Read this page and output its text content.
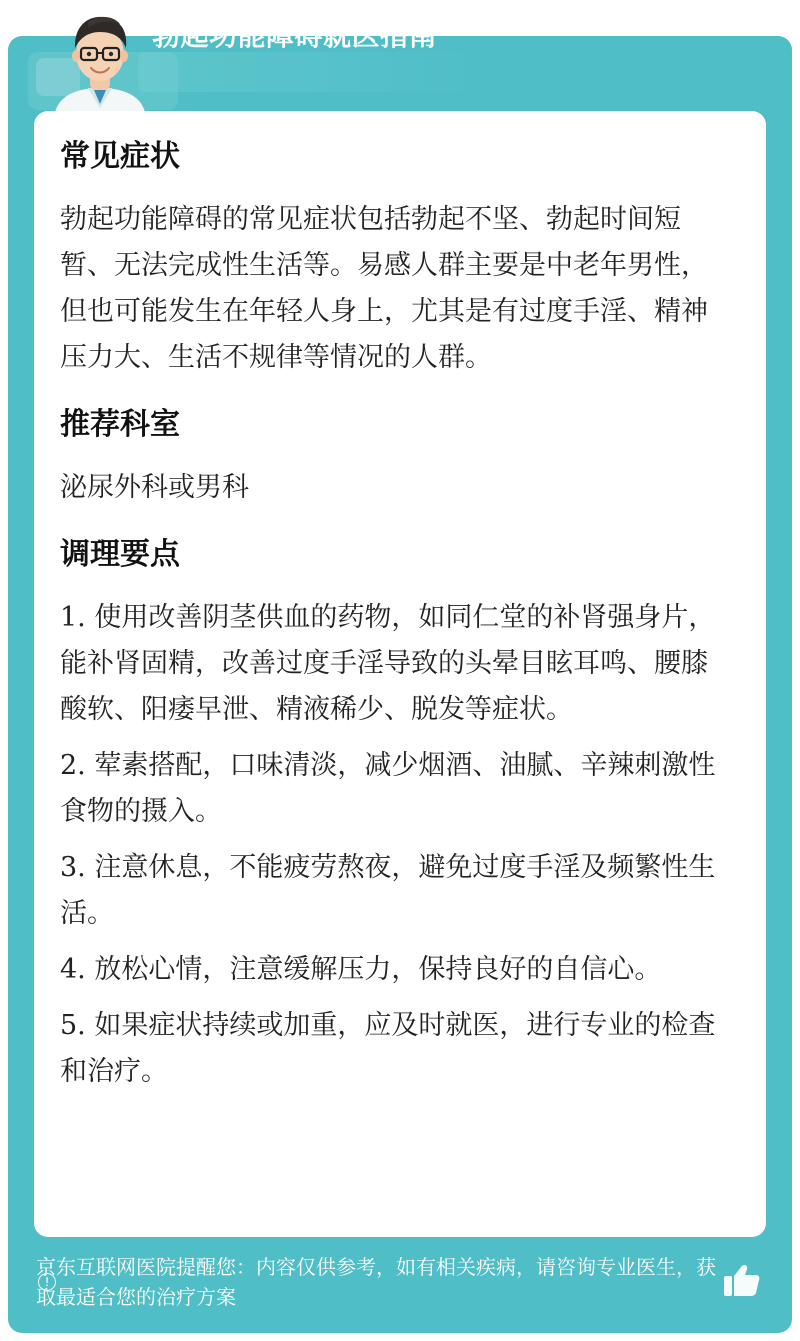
勃起功能障碍就医指南
常见症状

勃起功能障碍的常见症状包括勃起不坚、勃起时间短暂、无法完成性生活等。易感人群主要是中老年男性，但也可能发生在年轻人身上，尤其是有过度手淫、精神压力大、生活不规律等情况的人群。

推荐科室

泌尿外科或男科

调理要点

1. 使用改善阴茎供血的药物，如同仁堂的补肾强身片，能补肾固精，改善过度手淫导致的头晕目眩耳鸣、腰膝酸软、阳痿早泄、精液稀少、脱发等症状。

2. 荤素搭配，口味清淡，减少烟酒、油腻、辛辣刺激性食物的摄入。

3. 注意休息，不能疲劳熬夜，避免过度手淫及频繁性生活。

4. 放松心情，注意缓解压力，保持良好的自信心。

5. 如果症状持续或加重，应及时就医，进行专业的检查和治疗。

!
京东互联网医院提醒您：内容仅供参考，如有相关疾病，请咨询专业医生，获取最适合您的治疗方案
